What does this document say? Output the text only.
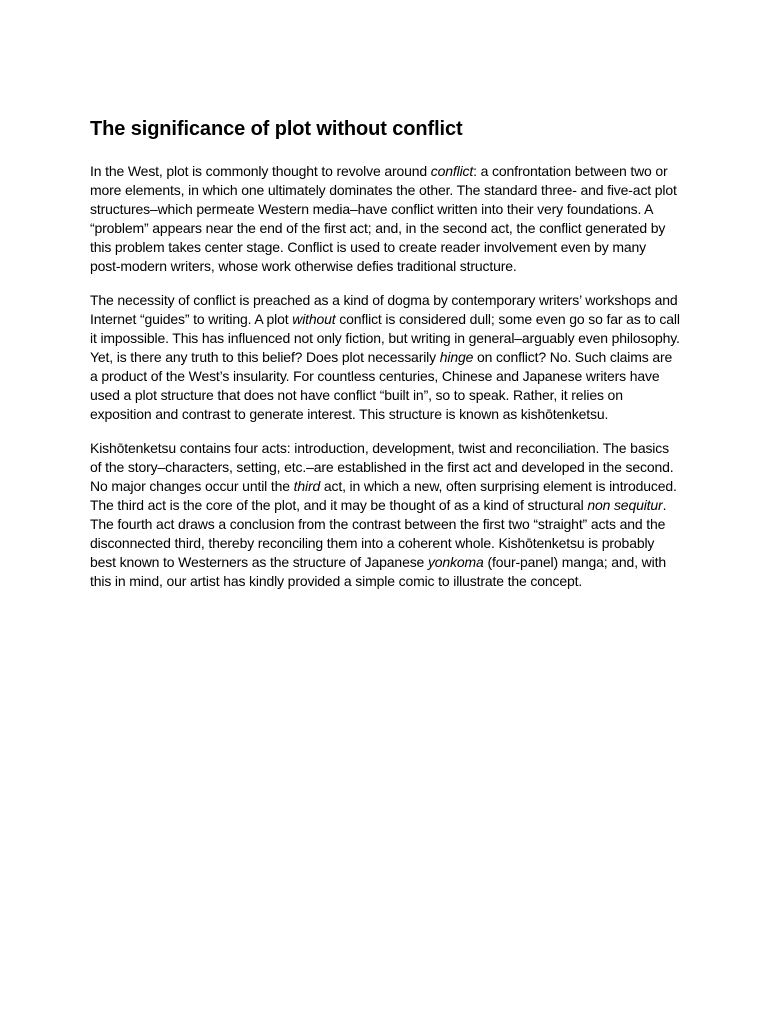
The significance of plot without conflict

In the West, plot is commonly thought to revolve around conflict: a confrontation between two or more elements, in which one ultimately dominates the other. The standard three- and five-act plot structures–which permeate Western media–have conflict written into their very foundations. A “problem” appears near the end of the first act; and, in the second act, the conflict generated by this problem takes center stage. Conflict is used to create reader involvement even by many post-modern writers, whose work otherwise defies traditional structure.

The necessity of conflict is preached as a kind of dogma by contemporary writers’ workshops and Internet “guides” to writing. A plot without conflict is considered dull; some even go so far as to call it impossible. This has influenced not only fiction, but writing in general–arguably even philosophy. Yet, is there any truth to this belief? Does plot necessarily hinge on conflict? No. Such claims are a product of the West’s insularity. For countless centuries, Chinese and Japanese writers have used a plot structure that does not have conflict “built in”, so to speak. Rather, it relies on exposition and contrast to generate interest. This structure is known as kishōtenketsu.

Kishōtenketsu contains four acts: introduction, development, twist and reconciliation. The basics of the story–characters, setting, etc.–are established in the first act and developed in the second. No major changes occur until the third act, in which a new, often surprising element is introduced. The third act is the core of the plot, and it may be thought of as a kind of structural non sequitur. The fourth act draws a conclusion from the contrast between the first two “straight” acts and the disconnected third, thereby reconciling them into a coherent whole. Kishōtenketsu is probably best known to Westerners as the structure of Japanese yonkoma (four-panel) manga; and, with this in mind, our artist has kindly provided a simple comic to illustrate the concept.
